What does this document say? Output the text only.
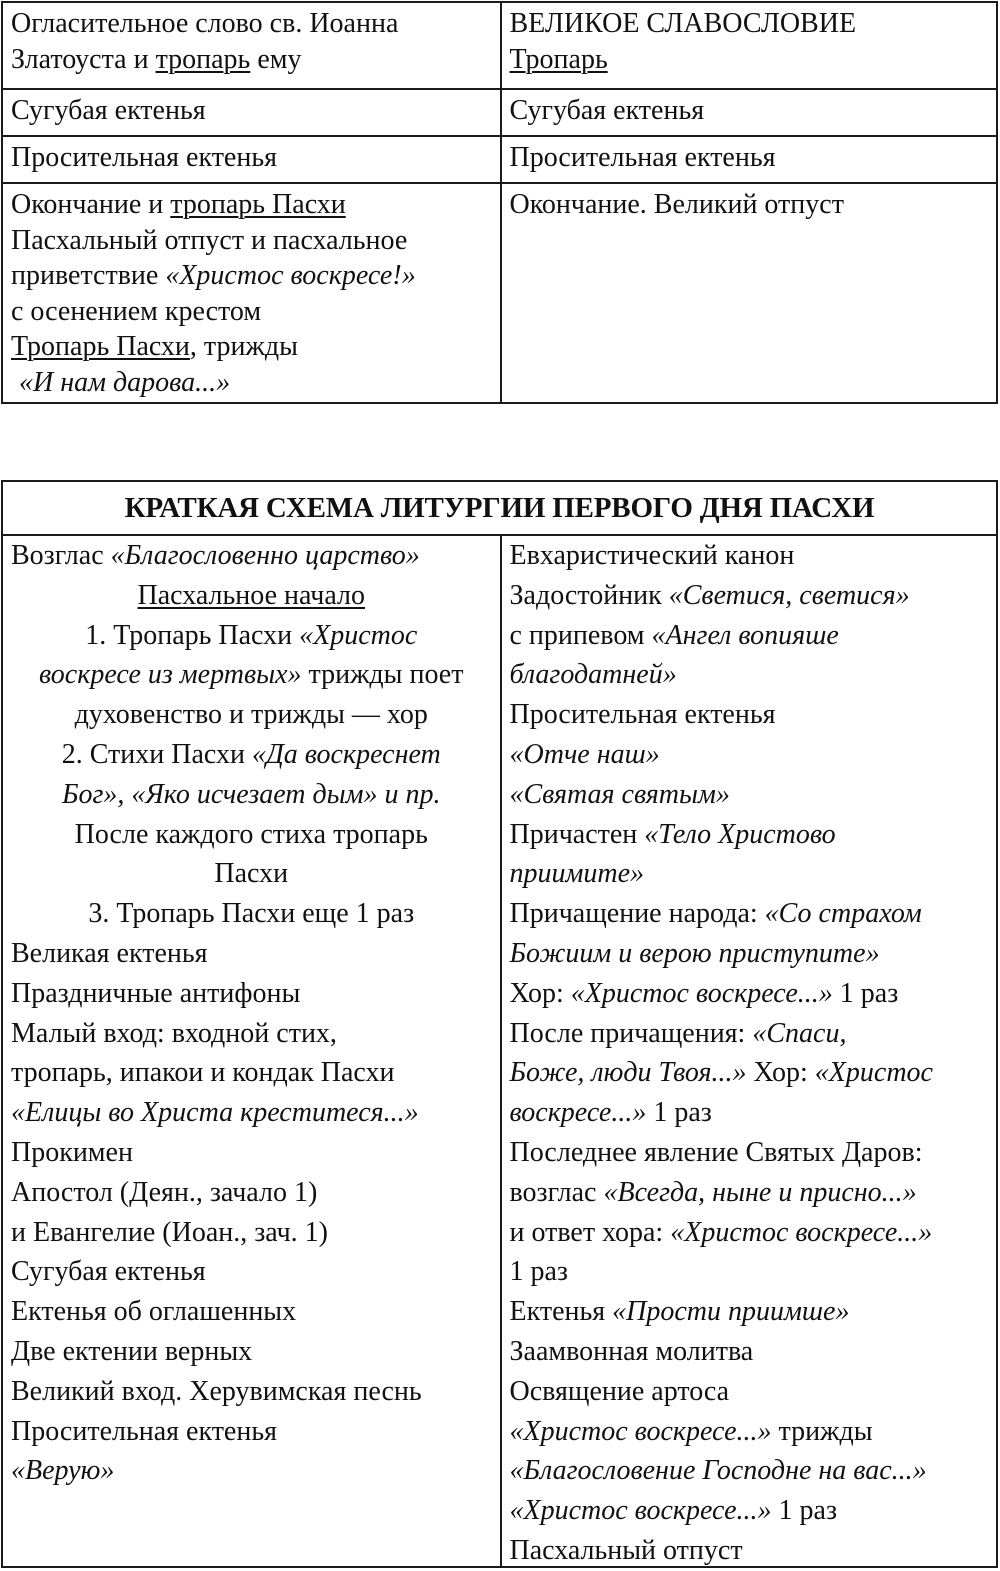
Огласительное слово св. Иоанна
Златоуста и тропарь ему
ВЕЛИКОЕ СЛАВОСЛОВИЕ
Тропарь
Сугубая ектенья	Сугубая ектенья
Просительная ектенья	Просительная ектенья
Окончание и тропарь Пасхи
Пасхальный отпуст и пасхальное
приветствие «Христос воскресе!»
с осенением крестом
Тропарь Пасхи, трижды
«И нам дарова...»
Окончание. Великий отпуст
КРАТКАЯ СХЕМА ЛИТУРГИИ ПЕРВОГО ДНЯ ПАСХИ
Возглас «Благословенно царство»
Пасхальное начало
1. Тропарь Пасхи «Христос
воскресе из мертвых» трижды поет
духовенство и трижды — хор
2. Стихи Пасхи «Да воскреснет
Бог», «Яко исчезает дым» и пр.
После каждого стиха тропарь
Пасхи
3. Тропарь Пасхи еще 1 раз
Великая ектенья
Праздничные антифоны
Малый вход: входной стих,
тропарь, ипакои и кондак Пасхи
«Елицы во Христа креститеся...»
Прокимен
Апостол (Деян., зачало 1)
и Евангелие (Иоан., зач. 1)
Сугубая ектенья
Ектенья об оглашенных
Две ектении верных
Великий вход. Херувимская песнь
Просительная ектенья
«Верую»
Евхаристический канон
Задостойник «Светися, светися»
с припевом «Ангел вопияше
благодатней»
Просительная ектенья
«Отче наш»
«Святая святым»
Причастен «Тело Христово
приимите»
Причащение народа: «Со страхом
Божиим и верою приступите»
Хор: «Христос воскресе...» 1 раз
После причащения: «Спаси,
Боже, люди Твоя...» Хор: «Христос
воскресе...» 1 раз
Последнее явление Святых Даров:
возглас «Всегда, ныне и присно...»
и ответ хора: «Христос воскресе...»
1 раз
Ектенья «Прости приимше»
Заамвонная молитва
Освящение артоса
«Христос воскресе...» трижды
«Благословение Господне на вас...»
«Христос воскресе...» 1 раз
Пасхальный отпуст
